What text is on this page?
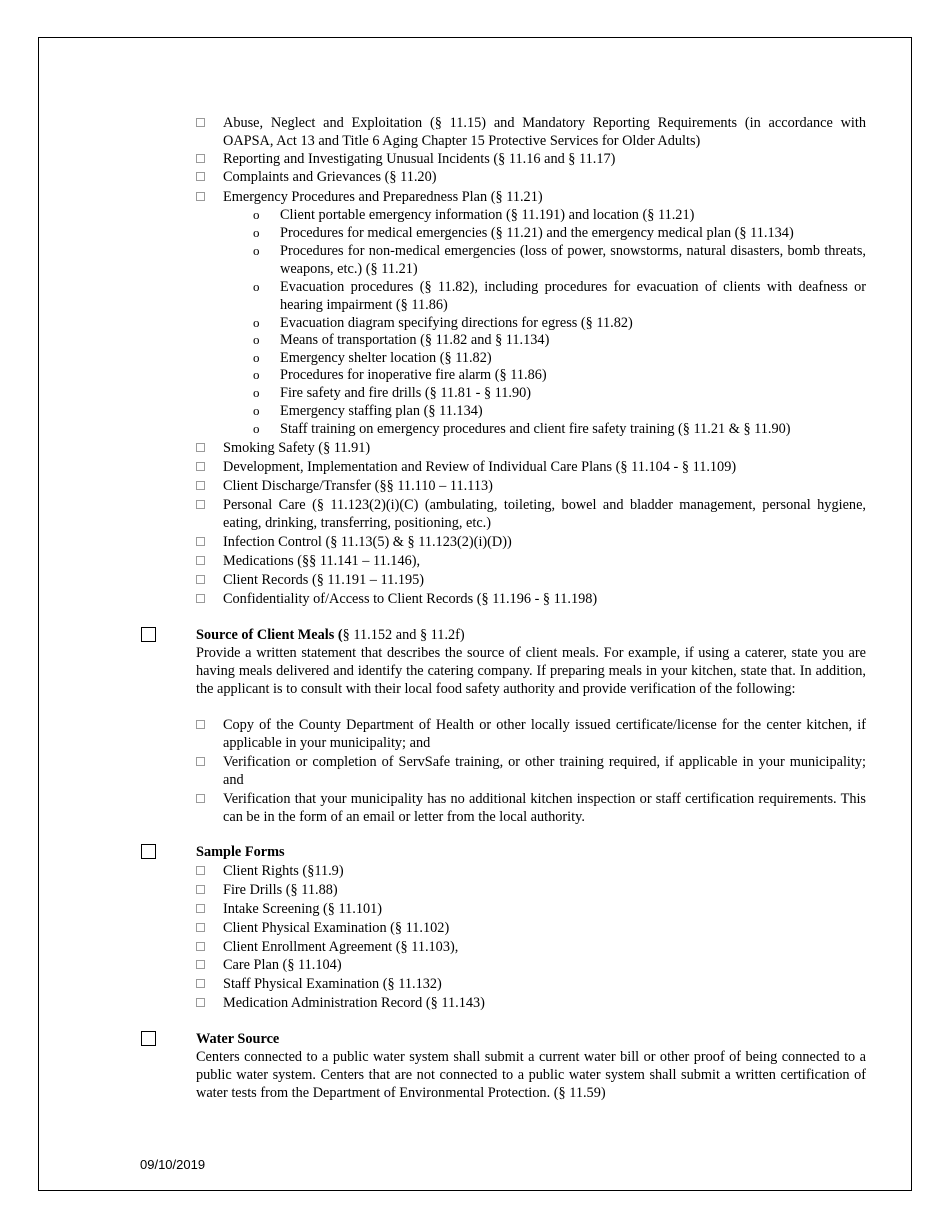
Abuse, Neglect and Exploitation (§ 11.15) and Mandatory Reporting Requirements (in accordance with OAPSA, Act 13 and Title 6 Aging Chapter 15 Protective Services for Older Adults)
Reporting and Investigating Unusual Incidents (§ 11.16 and § 11.17)
Complaints and Grievances (§ 11.20)
Emergency Procedures and Preparedness Plan (§ 11.21)
o Client portable emergency information (§ 11.191) and location (§ 11.21)
o Procedures for medical emergencies (§ 11.21) and the emergency medical plan (§ 11.134)
o Procedures for non-medical emergencies (loss of power, snowstorms, natural disasters, bomb threats, weapons, etc.) (§ 11.21)
o Evacuation procedures (§ 11.82), including procedures for evacuation of clients with deafness or hearing impairment (§ 11.86)
o Evacuation diagram specifying directions for egress (§ 11.82)
o Means of transportation (§ 11.82 and § 11.134)
o Emergency shelter location (§ 11.82)
o Procedures for inoperative fire alarm (§ 11.86)
o Fire safety and fire drills (§ 11.81 - § 11.90)
o Emergency staffing plan (§ 11.134)
o Staff training on emergency procedures and client fire safety training (§ 11.21 & § 11.90)
Smoking Safety (§ 11.91)
Development, Implementation and Review of Individual Care Plans (§ 11.104 - § 11.109)
Client Discharge/Transfer (§§ 11.110 – 11.113)
Personal Care (§ 11.123(2)(i)(C) (ambulating, toileting, bowel and bladder management, personal hygiene, eating, drinking, transferring, positioning, etc.)
Infection Control (§ 11.13(5) & § 11.123(2)(i)(D))
Medications (§§ 11.141 – 11.146),
Client Records (§ 11.191 – 11.195)
Confidentiality of/Access to Client Records (§ 11.196 - § 11.198)
Source of Client Meals (§ 11.152 and § 11.2f)
Provide a written statement that describes the source of client meals. For example, if using a caterer, state you are having meals delivered and identify the catering company. If preparing meals in your kitchen, state that. In addition, the applicant is to consult with their local food safety authority and provide verification of the following:
Copy of the County Department of Health or other locally issued certificate/license for the center kitchen, if applicable in your municipality; and
Verification or completion of ServSafe training, or other training required, if applicable in your municipality; and
Verification that your municipality has no additional kitchen inspection or staff certification requirements. This can be in the form of an email or letter from the local authority.
Sample Forms
Client Rights (§11.9)
Fire Drills (§ 11.88)
Intake Screening (§ 11.101)
Client Physical Examination (§ 11.102)
Client Enrollment Agreement (§ 11.103),
Care Plan (§ 11.104)
Staff Physical Examination (§ 11.132)
Medication Administration Record (§ 11.143)
Water Source
Centers connected to a public water system shall submit a current water bill or other proof of being connected to a public water system. Centers that are not connected to a public water system shall submit a written certification of water tests from the Department of Environmental Protection. (§ 11.59)
09/10/2019
